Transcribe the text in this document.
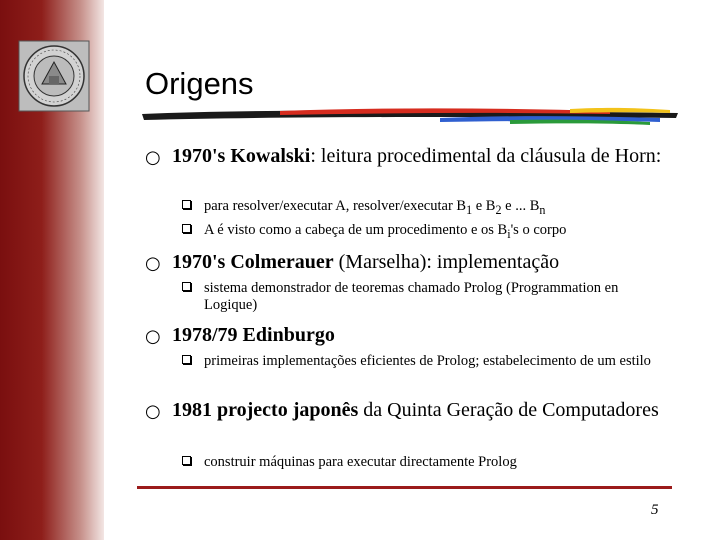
Origens
○ 1970's Kowalski: leitura procedimental da cláusula de Horn:
para resolver/executar A, resolver/executar $B_1$ e $B_2$ e ... $B_n$
A é visto como a cabeça de um procedimento e os $B_i's$ o corpo
○ 1970's Colmerauer (Marselha): implementação
sistema demonstrador de teoremas chamado Prolog (Programmation en Logique)
○ 1978/79 Edinburgo
primeiras implementações eficientes de Prolog; estabelecimento de um estilo
○ 1981 projecto japonês da Quinta Geração de Computadores
construir máquinas para executar directamente Prolog
5
